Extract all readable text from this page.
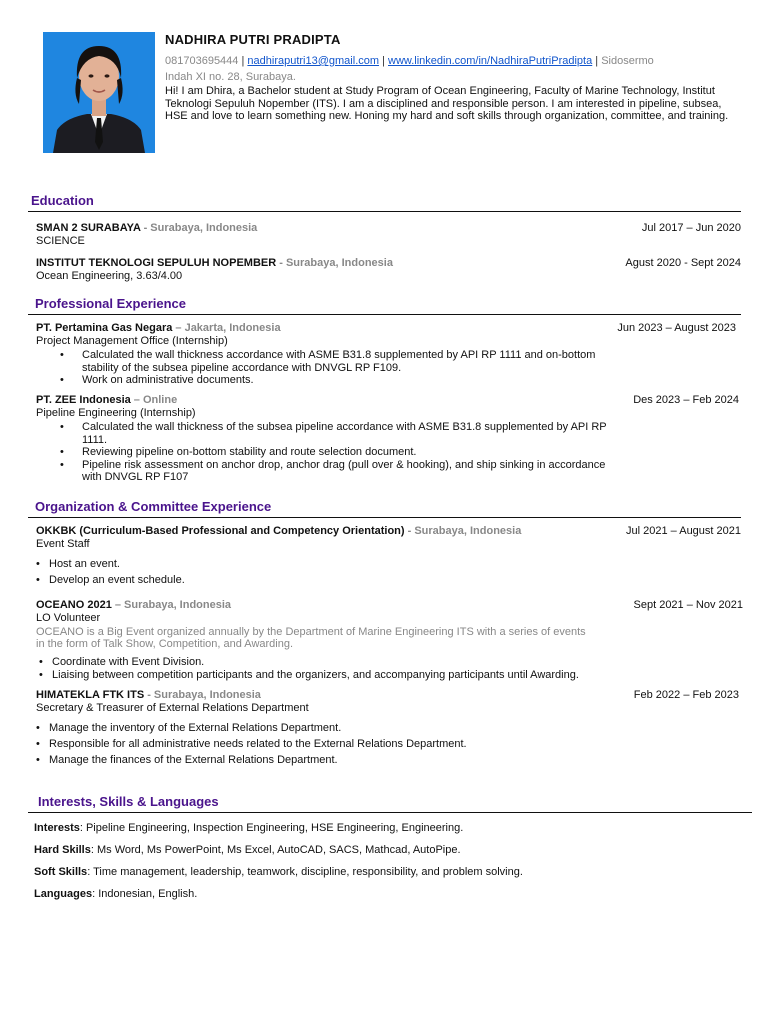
NADHIRA PUTRI PRADIPTA
081703695444 | nadhiraputri13@gmail.com | www.linkedin.com/in/NadhiraPutriPradipta | Sidosermo
Indah XI no. 28, Surabaya.
Hi! I am Dhira, a Bachelor student at Study Program of Ocean Engineering, Faculty of Marine Technology, Institut Teknologi Sepuluh Nopember (ITS). I am a disciplined and responsible person. I am interested in pipeline, subsea, HSE and love to learn something new. Honing my hard and soft skills through organization, committee, and training.
Education
SMAN 2 SURABAYA - Surabaya, Indonesia	Jul 2017 – Jun 2020
SCIENCE
INSTITUT TEKNOLOGI SEPULUH NOPEMBER - Surabaya, Indonesia	Agust 2020 - Sept 2024
Ocean Engineering, 3.63/4.00
Professional Experience
PT. Pertamina Gas Negara – Jakarta, Indonesia	Jun 2023 – August 2023
Project Management Office (Internship)
• Calculated the wall thickness accordance with ASME B31.8 supplemented by API RP 1111 and on-bottom stability of the subsea pipeline accordance with DNVGL RP F109.
• Work on administrative documents.
PT. ZEE Indonesia – Online	Des 2023 – Feb 2024
Pipeline Engineering (Internship)
• Calculated the wall thickness of the subsea pipeline accordance with ASME B31.8 supplemented by API RP 1111.
• Reviewing pipeline on-bottom stability and route selection document.
• Pipeline risk assessment on anchor drop, anchor drag (pull over & hooking), and ship sinking in accordance with DNVGL RP F107
Organization & Committee Experience
OKKBK (Curriculum-Based Professional and Competency Orientation) - Surabaya, Indonesia	Jul 2021 – August 2021
Event Staff
• Host an event.
• Develop an event schedule.
OCEANO 2021 – Surabaya, Indonesia	Sept 2021 – Nov 2021
LO Volunteer
OCEANO is a Big Event organized annually by the Department of Marine Engineering ITS with a series of events in the form of Talk Show, Competition, and Awarding.
• Coordinate with Event Division.
• Liaising between competition participants and the organizers, and accompanying participants until Awarding.
HIMATEKLA FTK ITS - Surabaya, Indonesia	Feb 2022 – Feb 2023
Secretary & Treasurer of External Relations Department
• Manage the inventory of the External Relations Department.
• Responsible for all administrative needs related to the External Relations Department.
• Manage the finances of the External Relations Department.
Interests, Skills & Languages
Interests: Pipeline Engineering, Inspection Engineering, HSE Engineering, Engineering.
Hard Skills: Ms Word, Ms PowerPoint, Ms Excel, AutoCAD, SACS, Mathcad, AutoPipe.
Soft Skills: Time management, leadership, teamwork, discipline, responsibility, and problem solving.
Languages: Indonesian, English.
